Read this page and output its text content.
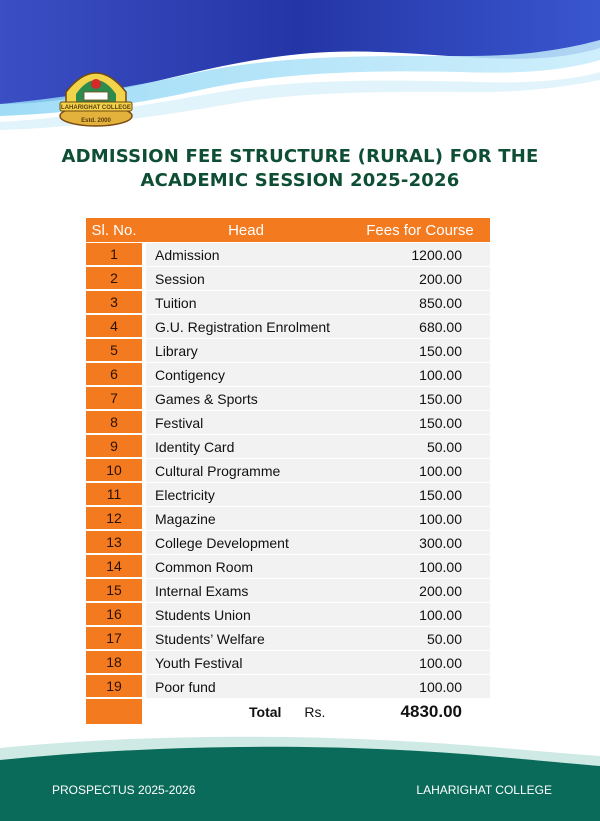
LAHARIGHAT COLLEGE
Estd. 2000
ADMISSION FEE STRUCTURE (RURAL) FOR THE
ACADEMIC SESSION 2025-2026
Sl. No.	Head	Fees for Course
1	Admission	1200.00
2	Session	200.00
3	Tuition	850.00
4	G.U. Registration Enrolment	680.00
5	Library	150.00
6	Contigency	100.00
7	Games & Sports	150.00
8	Festival	150.00
9	Identity Card	50.00
10	Cultural Programme	100.00
11	Electricity	150.00
12	Magazine	100.00
13	College Development	300.00
14	Common Room	100.00
15	Internal Exams	200.00
16	Students Union	100.00
17	Students’ Welfare	50.00
18	Youth Festival	100.00
19	Poor fund	100.00

	Total Rs. 4830.00	
PROSPECTUS 2025-2026	LAHARIGHAT COLLEGE
